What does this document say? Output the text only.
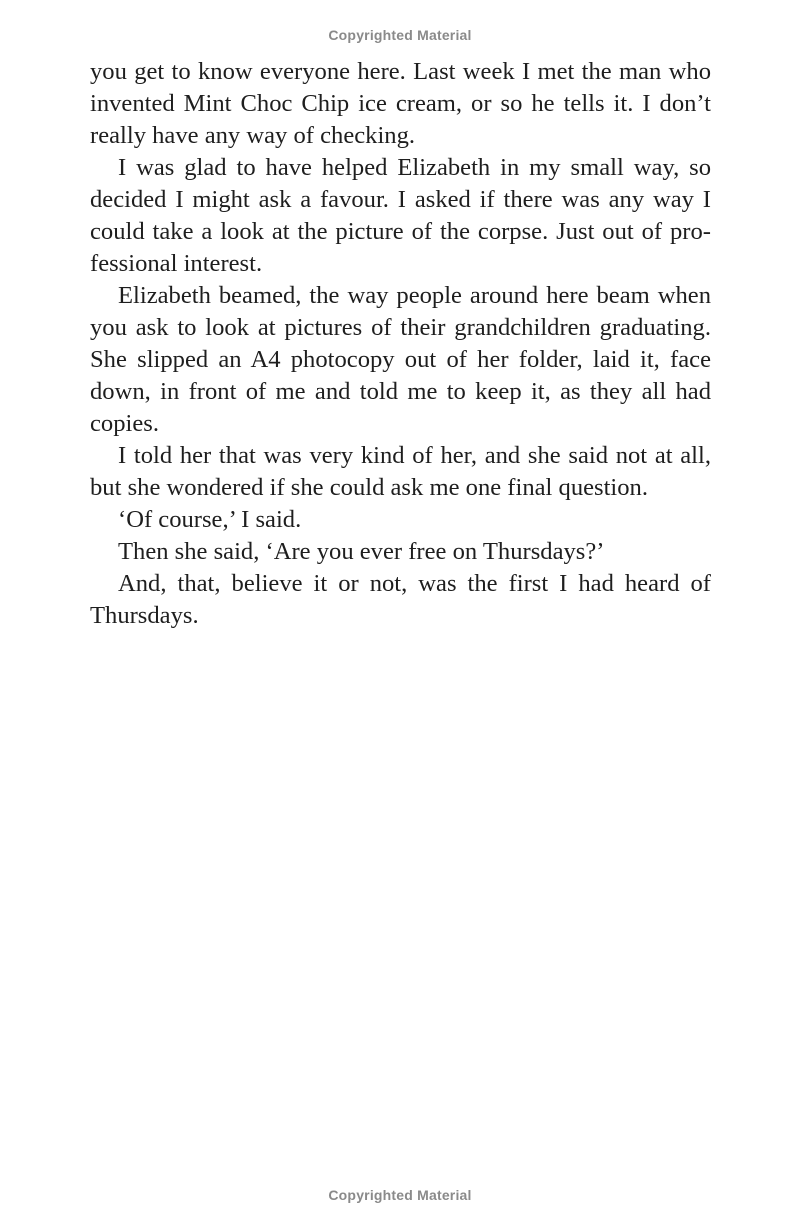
Copyrighted Material

you get to know everyone here. Last week I met the man who invented Mint Choc Chip ice cream, or so he tells it. I don’t really have any way of checking.

I was glad to have helped Elizabeth in my small way, so decided I might ask a favour. I asked if there was any way I could take a look at the picture of the corpse. Just out of professional interest.

Elizabeth beamed, the way people around here beam when you ask to look at pictures of their grandchildren graduating. She slipped an A4 photocopy out of her folder, laid it, face down, in front of me and told me to keep it, as they all had copies.

I told her that was very kind of her, and she said not at all, but she wondered if she could ask me one final question.

‘Of course,’ I said.

Then she said, ‘Are you ever free on Thursdays?’

And, that, believe it or not, was the first I had heard of Thursdays.

Copyrighted Material
